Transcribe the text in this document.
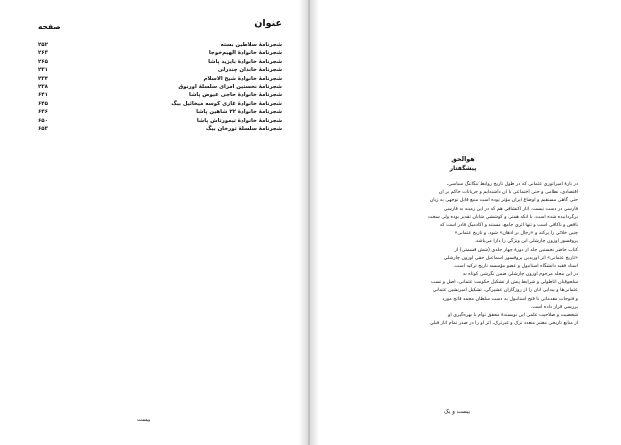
عنوان
صفحه
شجرنامهٔ سلاطین بسته
۲۵۲
شجرنامهٔ خانوادهٔ الهیم‌خوجا
۲۶۳
شجرنامهٔ خانوادهٔ بایزید پاشا
۲۶۵
شجرنامهٔ خاندان چندرلی
۲۳۱
شجرنامهٔ خانوادهٔ شیخ الاسلام
۲۳۴
شجرنامهٔ نخستین امرای سلسلهٔ اورنوق
۲۳۸
شجرنامهٔ خانوادهٔ حاجی عیوض پاشا
۶۴۱
شجرنامهٔ خانوادهٔ غازی کوسه میخائیل بیگ
۶۴۵
شجرنامهٔ خانوادهٔ ۲۲ شاهین پاشا
۶۴۶
شجرنامهٔ خانوادهٔ تیمورتاش پاشا
۶۵۰
شجرنامهٔ سلسلهٔ تورخان بیگ
۶۵۳
بیست
هوالحق
پیشگفتار
در بارهٔ امپراتوری عثمانی که در طول تاریخ روابط تنگاتنگ سیاسی،
اقتصادی، نظامی و حتی اجتماعی با آن داشته‌ایم و جریانات حاکم بر آن
حتی گاهی مستقیم و اوضاع ایران مؤثر بوده است منبع قابل توجهی به زبان
فارسی در دست نیست. آثار اکتشافی هم که در این زمینه به فارسی
برگردانیده شده است، با آنکه همتی و کوششی شایان تقدیر بوده ولی سخت
ناقص و ناکافی است و تنها اثری جامع، مستند و آکادمیک قادر است که
چنین خلائی را پرکند و «رجال بر اذهان» شود. و تاریخ عثمانی»
پروفسور اوزون چارشلی این ویژگی را دارا می‌باشد.
کتاب حاضر نخستین جلد از دورهٔ چهار جلدی (شش قسمتی) از
«تاریخ عثمانی» اثر اوریدین پروفسور اسماعیل حقی اوزون چارشلی
استاد فقید دانشگاه استانبول و عضو مؤسسه تاریخ ترکیه است.
در این مجلد مرحوم اوزون چارشلی ضمن نگرشی کوتاه به
سلجوقیان آناطولی و شرایط پیش از تشکیل حکومت عثمانی، اصل و نسب
عثمانی‌ها و پیدایی آنان را از روزگاران عشیرگی، تشکیل امیرنشین عثمانی
و فتوحات مقدماتی تا فتح استانبول به دست سلطان محمد فاتح مورد
بررسی قرار داده است.
شخصیت و صلاحیت علمی این نویسندهٔ محقق توأم با بهره‌گیری او
از منابع تاریخی معتبر متعدد ترک و غیرترک، اثر او را در صدر تمام آثار قبلی
بیست و یک
